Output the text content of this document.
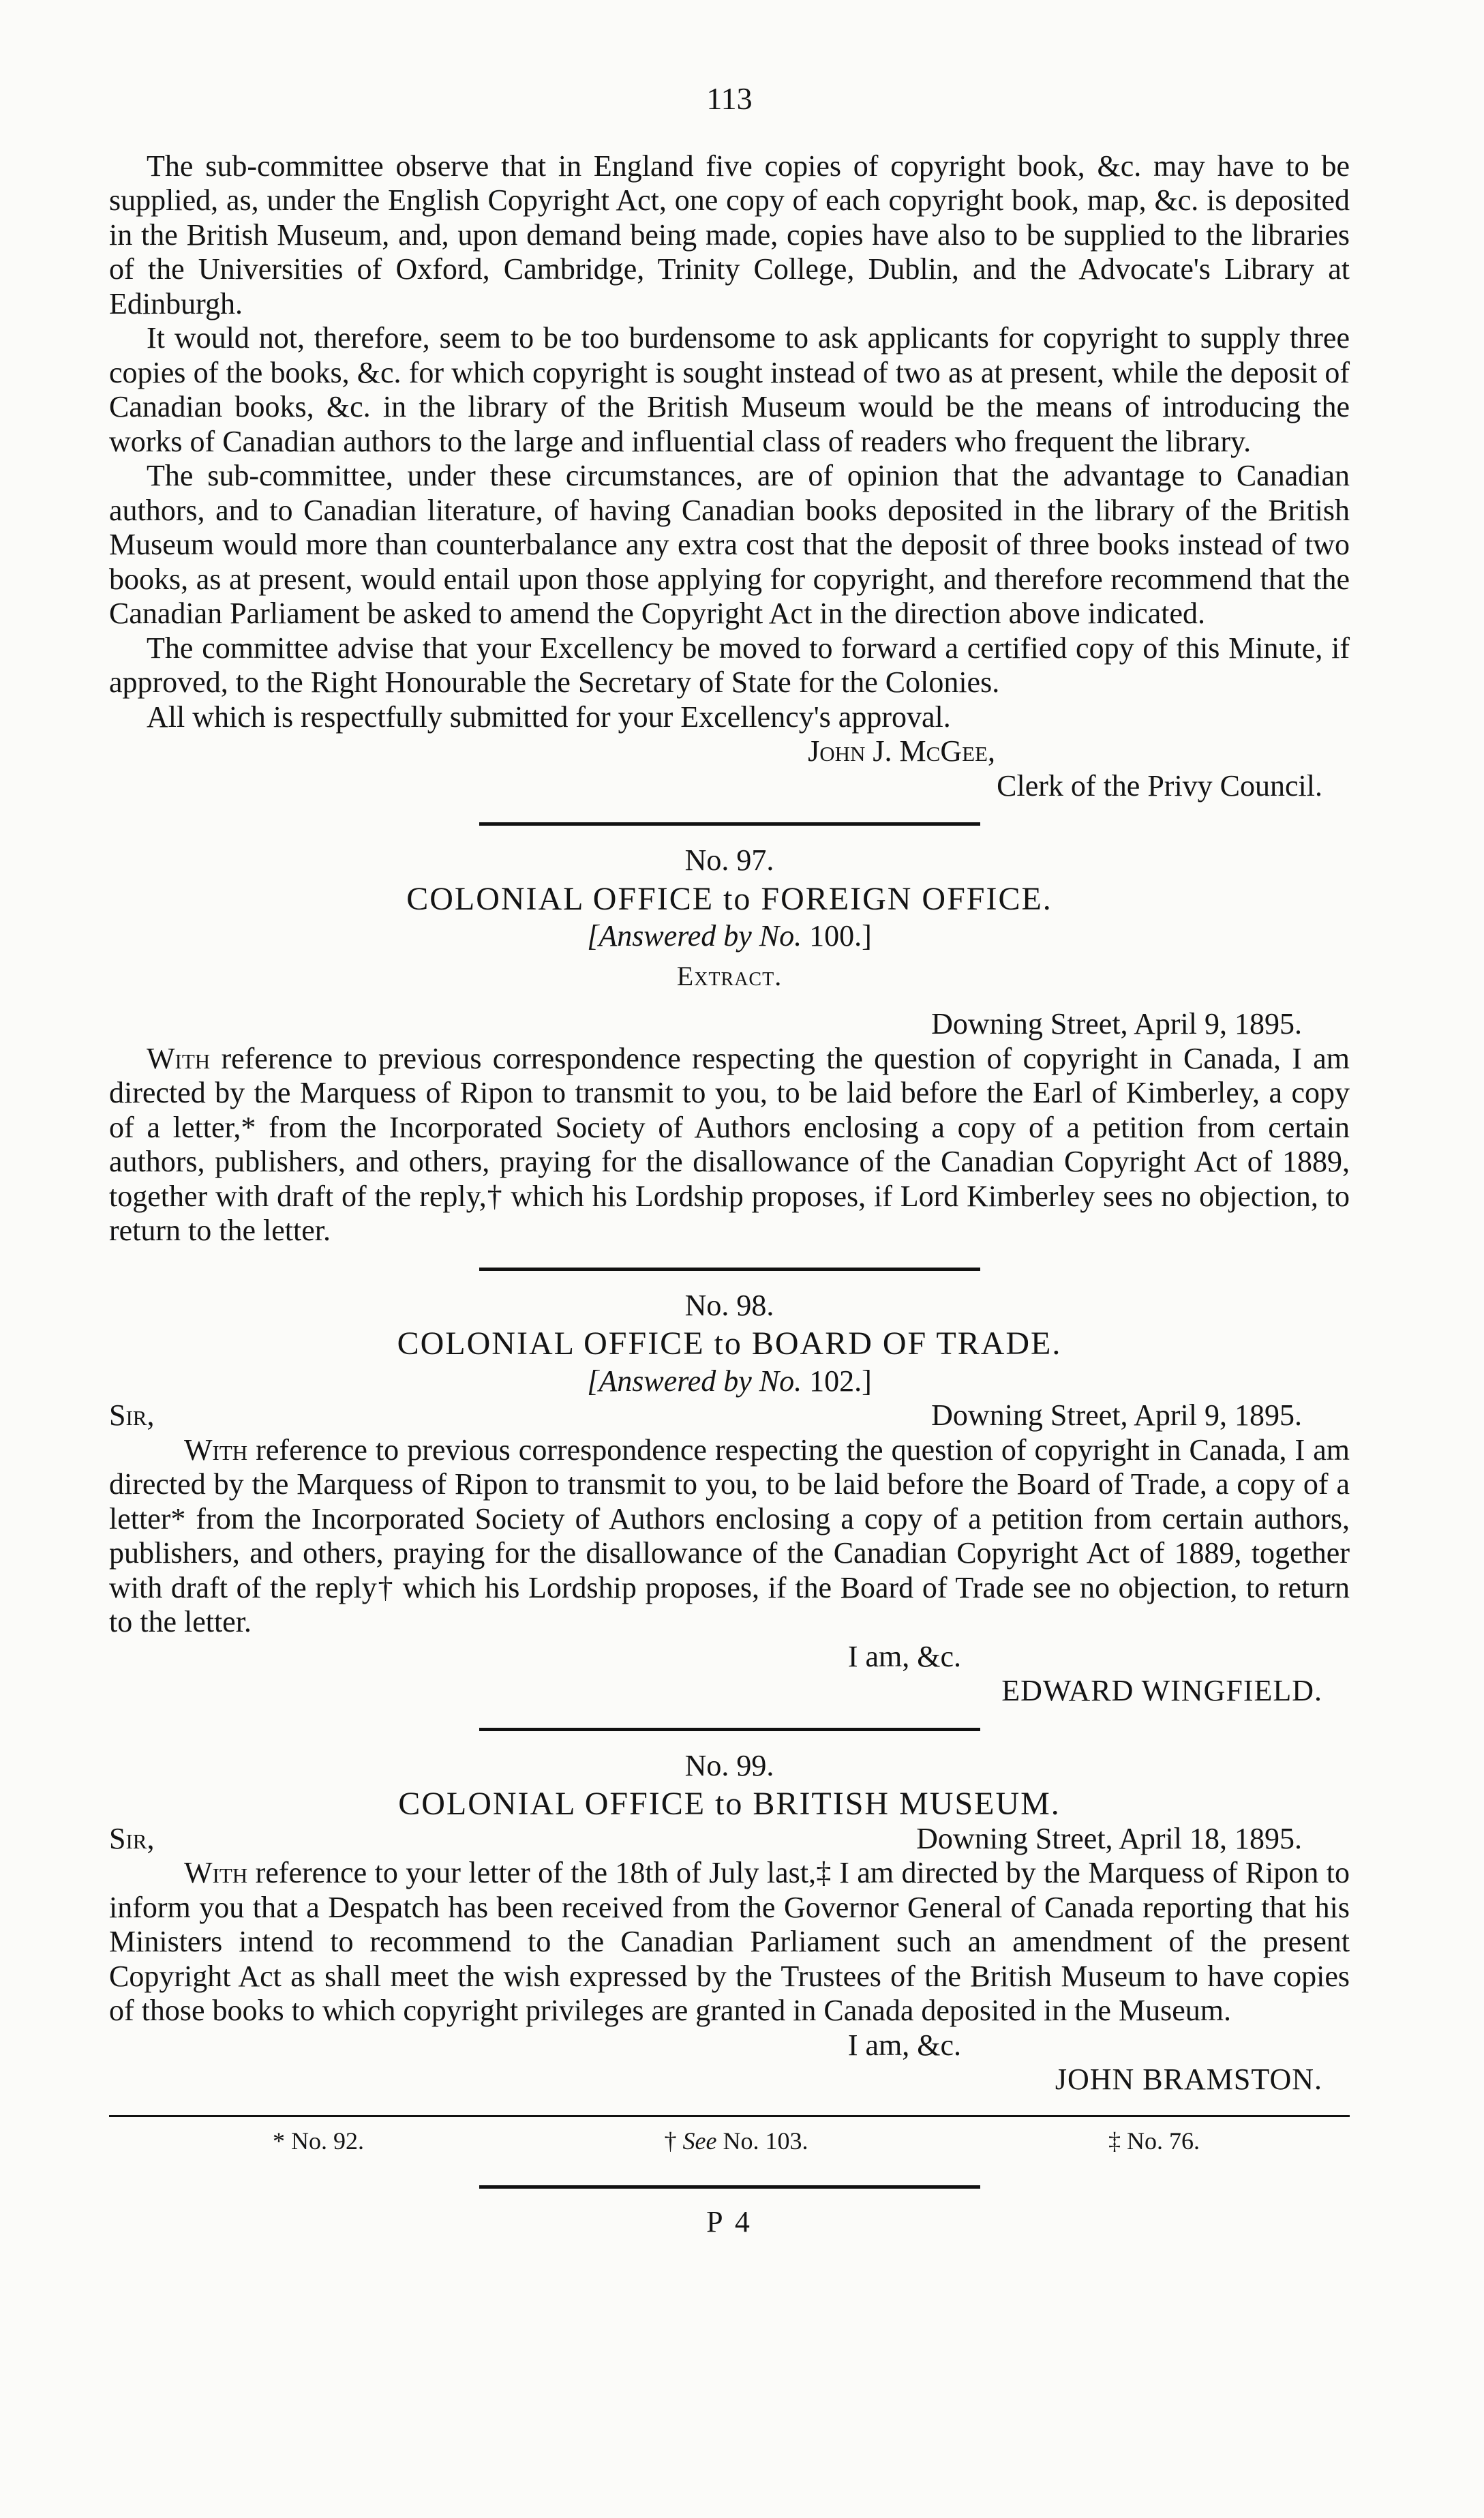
113

The sub-committee observe that in England five copies of copyright book, &c. may have to be supplied, as, under the English Copyright Act, one copy of each copyright book, map, &c. is deposited in the British Museum, and, upon demand being made, copies have also to be supplied to the libraries of the Universities of Oxford, Cambridge, Trinity College, Dublin, and the Advocate's Library at Edinburgh.

It would not, therefore, seem to be too burdensome to ask applicants for copyright to supply three copies of the books, &c. for which copyright is sought instead of two as at present, while the deposit of Canadian books, &c. in the library of the British Museum would be the means of introducing the works of Canadian authors to the large and influential class of readers who frequent the library.

The sub-committee, under these circumstances, are of opinion that the advantage to Canadian authors, and to Canadian literature, of having Canadian books deposited in the library of the British Museum would more than counterbalance any extra cost that the deposit of three books instead of two books, as at present, would entail upon those applying for copyright, and therefore recommend that the Canadian Parliament be asked to amend the Copyright Act in the direction above indicated.

The committee advise that your Excellency be moved to forward a certified copy of this Minute, if approved, to the Right Honourable the Secretary of State for the Colonies.

All which is respectfully submitted for your Excellency's approval.

John J. McGee,

Clerk of the Privy Council.

No. 97.
COLONIAL OFFICE to FOREIGN OFFICE.
[Answered by No. 100.]
Extract.
Downing Street, April 9, 1895.

With reference to previous correspondence respecting the question of copyright in Canada, I am directed by the Marquess of Ripon to transmit to you, to be laid before the Earl of Kimberley, a copy of a letter,* from the Incorporated Society of Authors enclosing a copy of a petition from certain authors, publishers, and others, praying for the disallowance of the Canadian Copyright Act of 1889, together with draft of the reply,† which his Lordship proposes, if Lord Kimberley sees no objection, to return to the letter.

No. 98.
COLONIAL OFFICE to BOARD OF TRADE.
[Answered by No. 102.]
Sir,	Downing Street, April 9, 1895.

With reference to previous correspondence respecting the question of copyright in Canada, I am directed by the Marquess of Ripon to transmit to you, to be laid before the Board of Trade, a copy of a letter* from the Incorporated Society of Authors enclosing a copy of a petition from certain authors, publishers, and others, praying for the disallowance of the Canadian Copyright Act of 1889, together with draft of the reply† which his Lordship proposes, if the Board of Trade see no objection, to return to the letter.

I am, &c.

EDWARD WINGFIELD.

No. 99.
COLONIAL OFFICE to BRITISH MUSEUM.
Sir,	Downing Street, April 18, 1895.

With reference to your letter of the 18th of July last,‡ I am directed by the Marquess of Ripon to inform you that a Despatch has been received from the Governor General of Canada reporting that his Ministers intend to recommend to the Canadian Parliament such an amendment of the present Copyright Act as shall meet the wish expressed by the Trustees of the British Museum to have copies of those books to which copyright privileges are granted in Canada deposited in the Museum.

I am, &c.

JOHN BRAMSTON.

* No. 92.	† See No. 103.	‡ No. 76.
P 4
